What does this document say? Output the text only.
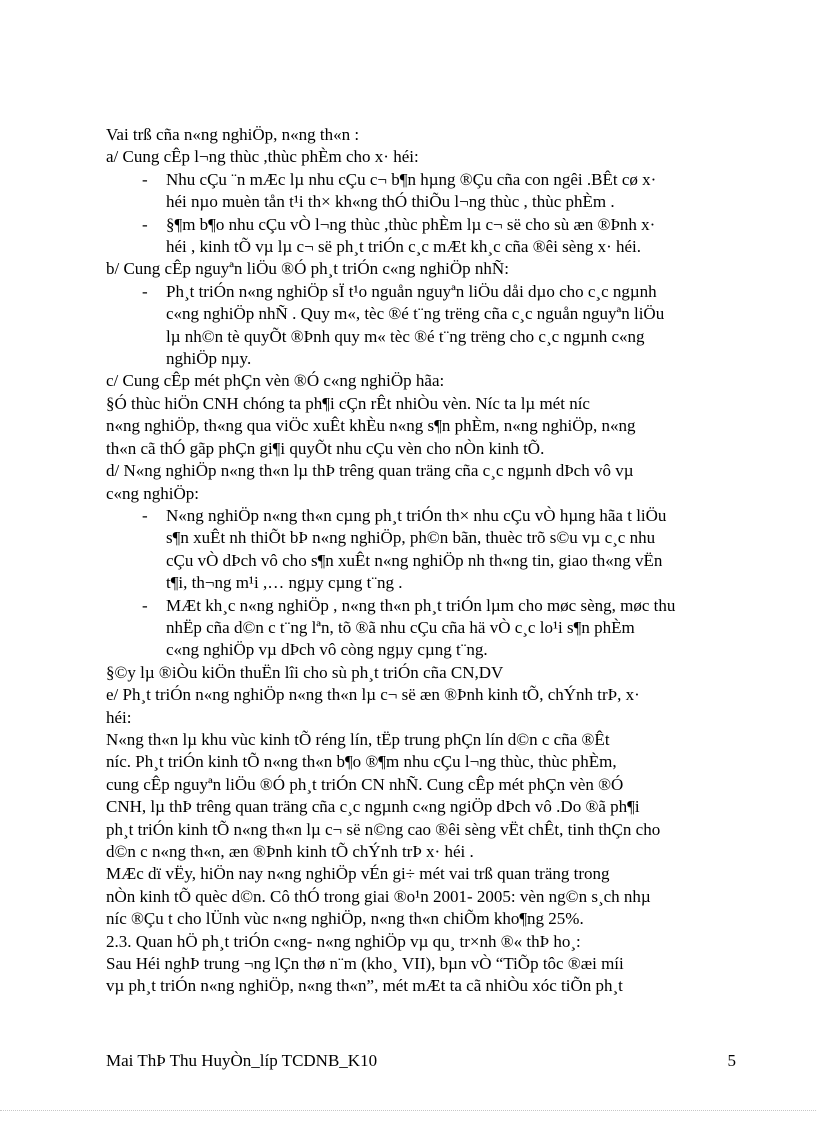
Vai trß cña n«ng nghiÖp, n«ng th«n :
a/ Cung cÊp l¬ng thùc ,thùc phÈm cho x· héi:
- Nhu cÇu ¨n mÆc lµ nhu cÇu c¬ b¶n hµng ®Çu cña con ngêi .BÊt cø x·
héi nµo muèn tån t¹i th× kh«ng thÓ thiÕu l¬ng thùc , thùc phÈm .
- §¶m b¶o nhu cÇu vÒ l¬ng thùc ,thùc phÈm lµ c¬ së cho sù æn ®Þnh x·
héi , kinh tÕ vµ lµ c¬ së ph¸t triÓn c¸c mÆt kh¸c cña ®êi sèng x· héi.
b/ Cung cÊp nguyªn liÖu ®Ó ph¸t triÓn c«ng nghiÖp nhÑ:
- Ph¸t triÓn n«ng nghiÖp sÏ t¹o nguån nguyªn liÖu dåi dµo cho c¸c ngµnh
c«ng nghiÖp nhÑ . Quy m«, tèc ®é t¨ng trëng cña c¸c nguån nguyªn liÖu
lµ nh©n tè quyÕt ®Þnh quy m« tèc ®é t¨ng trëng cho c¸c ngµnh c«ng
nghiÖp nµy.
c/ Cung cÊp mét phÇn vèn ®Ó c«ng nghiÖp hãa:
§Ó thùc hiÖn CNH chóng ta ph¶i cÇn rÊt nhiÒu vèn. Níc ta lµ mét níc
n«ng nghiÖp, th«ng qua viÖc xuÊt khÈu n«ng s¶n phÈm, n«ng nghiÖp, n«ng
th«n cã thÓ gãp phÇn gi¶i quyÕt nhu cÇu vèn cho nÒn kinh tÕ.
d/ N«ng nghiÖp n«ng th«n lµ thÞ trêng quan träng cña c¸c ngµnh dÞch vô vµ
c«ng nghiÖp:
- N«ng nghiÖp n«ng th«n cµng ph¸t triÓn th× nhu cÇu vÒ hµng hãa t liÖu
s¶n xuÊt nh thiÕt bÞ n«ng nghiÖp, ph©n bãn, thuèc trõ s©u vµ c¸c nhu
cÇu vÒ dÞch vô cho s¶n xuÊt n«ng nghiÖp nh th«ng tin, giao th«ng vËn
t¶i, th¬ng m¹i ,… ngµy cµng t¨ng .
- MÆt kh¸c n«ng nghiÖp , n«ng th«n ph¸t triÓn lµm cho møc sèng, møc thu
nhËp cña d©n c t¨ng lªn, tõ ®ã nhu cÇu cña hä vÒ c¸c lo¹i s¶n phÈm
c«ng nghiÖp vµ dÞch vô còng ngµy cµng t¨ng.
§©y lµ ®iÒu kiÖn thuËn lîi cho sù ph¸t triÓn cña CN,DV
e/ Ph¸t triÓn n«ng nghiÖp n«ng th«n lµ c¬ së æn ®Þnh kinh tÕ, chÝnh trÞ, x·
héi:
N«ng th«n lµ khu vùc kinh tÕ réng lín, tËp trung phÇn lín d©n c cña ®Êt
níc. Ph¸t triÓn kinh tÕ n«ng th«n b¶o ®¶m nhu cÇu l¬ng thùc, thùc phÈm,
cung cÊp nguyªn liÖu ®Ó ph¸t triÓn CN nhÑ. Cung cÊp mét phÇn vèn ®Ó
CNH, lµ thÞ trêng quan träng cña c¸c ngµnh c«ng ngiÖp dÞch vô .Do ®ã ph¶i
ph¸t triÓn kinh tÕ n«ng th«n lµ c¬ së n©ng cao ®êi sèng vËt chÊt, tinh thÇn cho
d©n c n«ng th«n, æn ®Þnh kinh tÕ chÝnh trÞ x· héi .
MÆc dï vËy, hiÖn nay n«ng nghiÖp vÉn gi÷ mét vai trß quan träng trong
nÒn kinh tÕ quèc d©n. Cô thÓ trong giai ®o¹n 2001- 2005: vèn ng©n s¸ch nhµ
níc ®Çu t cho lÜnh vùc n«ng nghiÖp, n«ng th«n chiÕm kho¶ng 25%.
2.3. Quan hÖ ph¸t triÓn c«ng- n«ng nghiÖp vµ qu¸ tr×nh ®« thÞ ho¸:
Sau Héi nghÞ trung ¬ng lÇn thø n¨m (kho¸ VII), bµn vÒ “TiÕp tôc ®æi míi
vµ ph¸t triÓn n«ng nghiÖp, n«ng th«n”, mét mÆt ta cã nhiÒu xóc tiÕn ph¸t
Mai ThÞ Thu HuyÒn_líp TCDNB_K10	5
